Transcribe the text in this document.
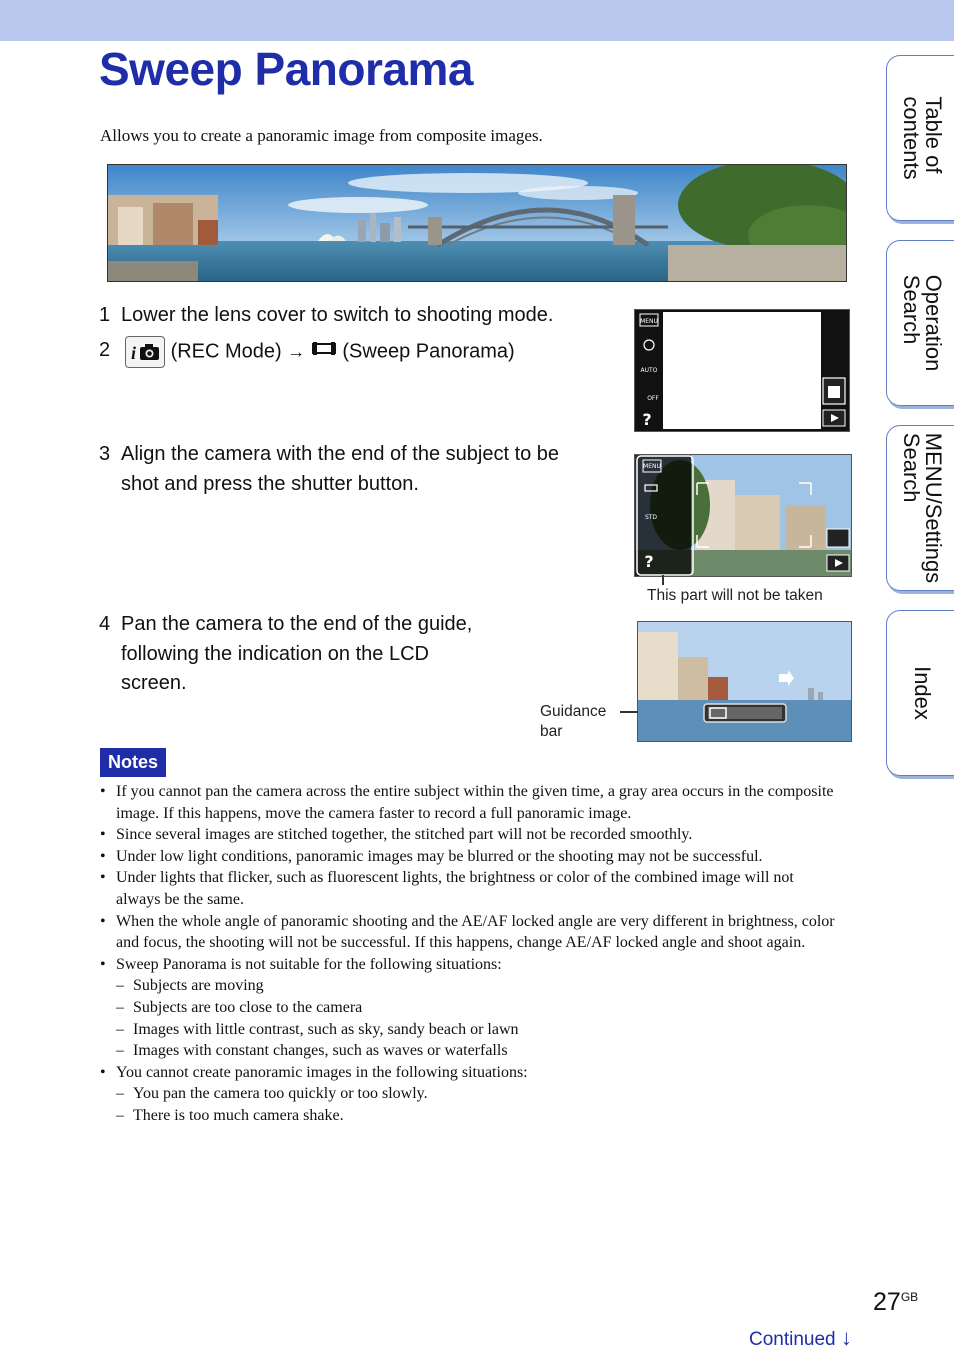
Sweep Panorama
Allows you to create a panoramic image from composite images.
1 Lower the lens cover to switch to shooting mode.
2	i (REC Mode) → (Sweep Panorama)
MENU
AUTO
OFF
?
3 Align the camera with the end of the subject to be
shot and press the shutter button.
MENU
STD
?
This part will not be taken
4 Pan the camera to the end of the guide,
following the indication on the LCD
screen.
Guidance
bar
Notes
• If you cannot pan the camera across the entire subject within the given time, a gray area occurs in the composite image. If this happens, move the camera faster to record a full panoramic image.
• Since several images are stitched together, the stitched part will not be recorded smoothly.
• Under low light conditions, panoramic images may be blurred or the shooting may not be successful.
• Under lights that flicker, such as fluorescent lights, the brightness or color of the combined image will not always be the same.
• When the whole angle of panoramic shooting and the AE/AF locked angle are very different in brightness, color and focus, the shooting will not be successful. If this happens, change AE/AF locked angle and shoot again.
• Sweep Panorama is not suitable for the following situations:
– Subjects are moving
– Subjects are too close to the camera
– Images with little contrast, such as sky, sandy beach or lawn
– Images with constant changes, such as waves or waterfalls
• You cannot create panoramic images in the following situations:
– You pan the camera too quickly or too slowly.
– There is too much camera shake.
Table of
contents
Operation
Search
MENU/Settings
Search
Index
$27^{GB}$
Continued ↓
